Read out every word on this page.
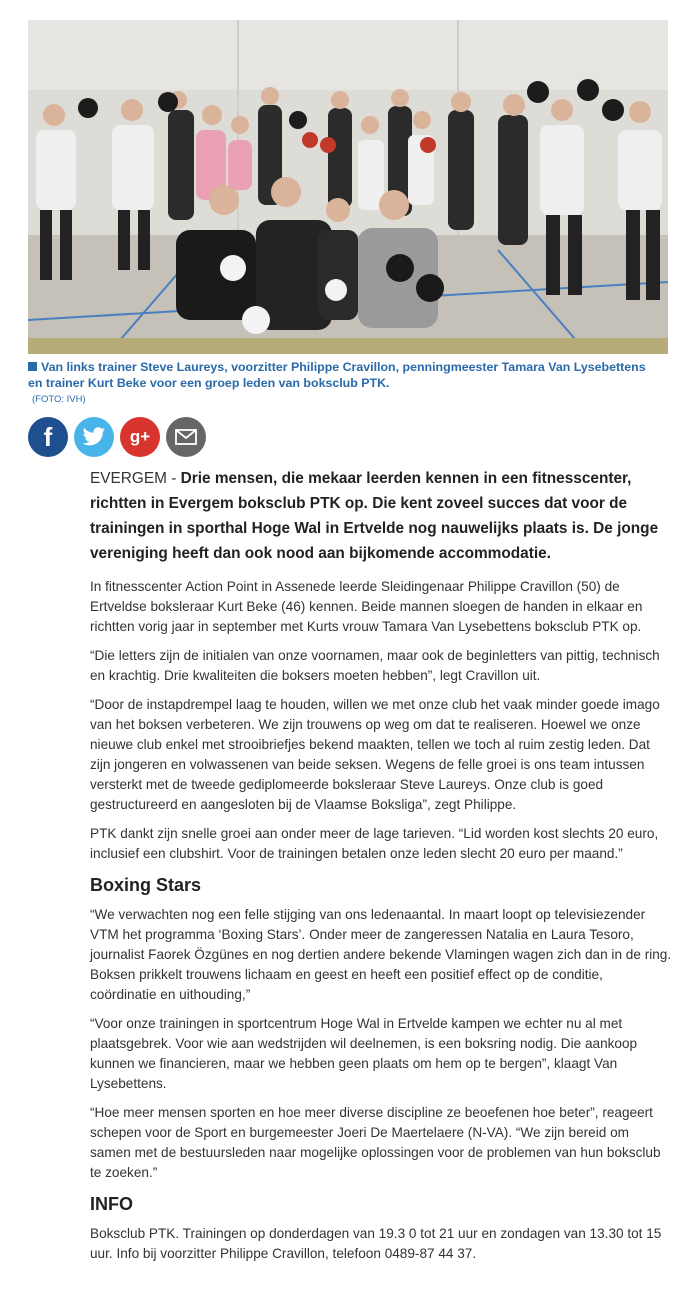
Van links trainer Steve Laureys, voorzitter Philippe Cravillon, penningmeester Tamara Van Lysebettens en trainer Kurt Beke voor een groep leden van boksclub PTK.
(FOTO: IVH)
f	g+

EVERGEM - Drie mensen, die mekaar leerden kennen in een fitnesscenter, richtten in Evergem boksclub PTK op. Die kent zoveel succes dat voor de trainingen in sporthal Hoge Wal in Ertvelde nog nauwelijks plaats is. De jonge vereniging heeft dan ook nood aan bijkomende accommodatie.

In fitnesscenter Action Point in Assenede leerde Sleidingenaar Philippe Cravillon (50) de Ertveldse boksleraar Kurt Beke (46) kennen. Beide mannen sloegen de handen in elkaar en richtten vorig jaar in september met Kurts vrouw Tamara Van Lysebettens boksclub PTK op.

“Die letters zijn de initialen van onze voornamen, maar ook de beginletters van pittig, technisch en krachtig. Drie kwaliteiten die boksers moeten hebben”, legt Cravillon uit.

“Door de instapdrempel laag te houden, willen we met onze club het vaak minder goede imago van het boksen verbeteren. We zijn trouwens op weg om dat te realiseren. Hoewel we onze nieuwe club enkel met strooibriefjes bekend maakten, tellen we toch al ruim zestig leden. Dat zijn jongeren en volwassenen van beide seksen. Wegens de felle groei is ons team intussen versterkt met de tweede gediplomeerde boksleraar Steve Laureys. Onze club is goed gestructureerd en aangesloten bij de Vlaamse Boksliga”, zegt Philippe.

PTK dankt zijn snelle groei aan onder meer de lage tarieven. “Lid worden kost slechts 20 euro, inclusief een clubshirt. Voor de trainingen betalen onze leden slecht 20 euro per maand.”

Boxing Stars

“We verwachten nog een felle stijging van ons ledenaantal. In maart loopt op televisiezender VTM het programma ‘Boxing Stars’. Onder meer de zangeressen Natalia en Laura Tesoro, journalist Faorek Özgünes en nog dertien andere bekende Vlamingen wagen zich dan in de ring. Boksen prikkelt trouwens lichaam en geest en heeft een positief effect op de conditie, coördinatie en uithouding,”

“Voor onze trainingen in sportcentrum Hoge Wal in Ertvelde kampen we echter nu al met plaatsgebrek. Voor wie aan wedstrijden wil deelnemen, is een boksring nodig. Die aankoop kunnen we financieren, maar we hebben geen plaats om hem op te bergen”, klaagt Van Lysebettens.

“Hoe meer mensen sporten en hoe meer diverse discipline ze beoefenen hoe beter”, reageert schepen voor de Sport en burgemeester Joeri De Maertelaere (N-VA). “We zijn bereid om samen met de bestuursleden naar mogelijke oplossingen voor de problemen van hun boksclub te zoeken.”

INFO

Boksclub PTK. Trainingen op donderdagen van 19.3 0 tot 21 uur en zondagen van 13.30 tot 15 uur. Info bij voorzitter Philippe Cravillon, telefoon 0489-87 44 37.
